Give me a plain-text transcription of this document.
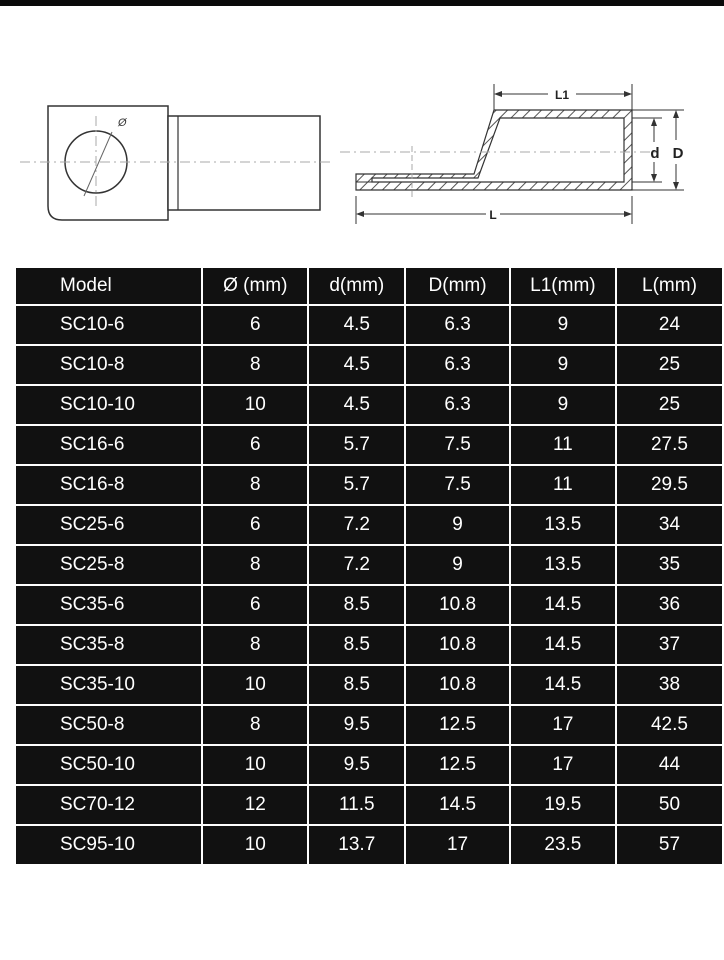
Ø
L1
L
d D
Model	Ø (mm)	d(mm)	D(mm)	L1(mm)	L(mm)
SC10-6	6	4.5	6.3	9	24
SC10-8	8	4.5	6.3	9	25
SC10-10	10	4.5	6.3	9	25
SC16-6	6	5.7	7.5	11	27.5
SC16-8	8	5.7	7.5	11	29.5
SC25-6	6	7.2	9	13.5	34
SC25-8	8	7.2	9	13.5	35
SC35-6	6	8.5	10.8	14.5	36
SC35-8	8	8.5	10.8	14.5	37
SC35-10	10	8.5	10.8	14.5	38
SC50-8	8	9.5	12.5	17	42.5
SC50-10	10	9.5	12.5	17	44
SC70-12	12	11.5	14.5	19.5	50
SC95-10	10	13.7	17	23.5	57
